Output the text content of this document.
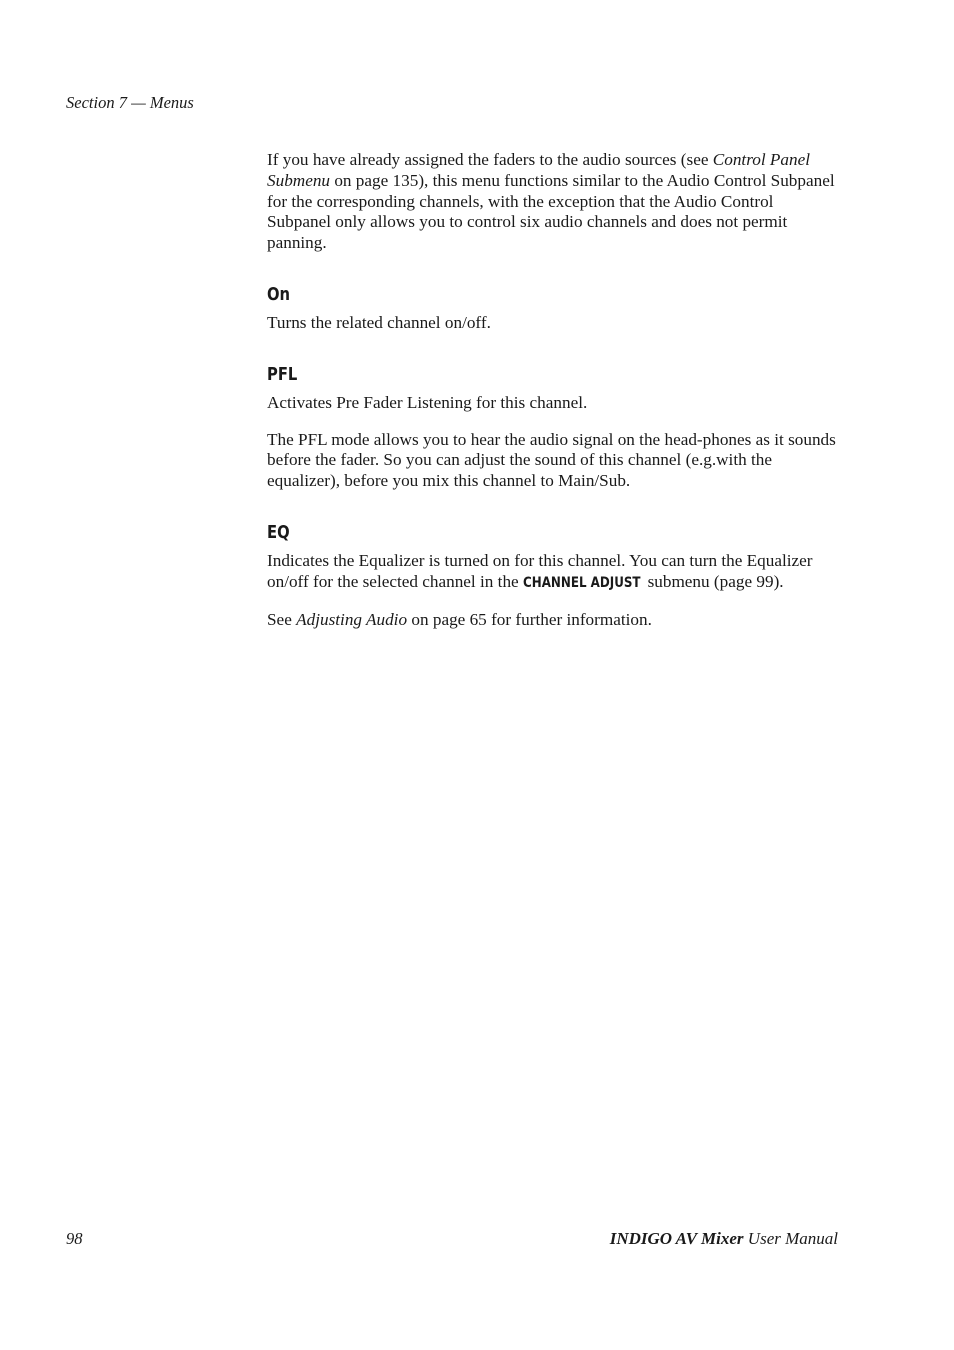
Section 7 — Menus

If you have already assigned the faders to the audio sources (see Control Panel Submenu on page 135), this menu functions similar to the Audio Control Subpanel for the corresponding channels, with the exception that the Audio Control Subpanel only allows you to control six audio channels and does not permit panning.

On

Turns the related channel on/off.

PFL

Activates Pre Fader Listening for this channel.

The PFL mode allows you to hear the audio signal on the head-phones as it sounds before the fader. So you can adjust the sound of this channel (e.g.with the equalizer), before you mix this channel to Main/Sub.

EQ

Indicates the Equalizer is turned on for this channel. You can turn the Equalizer on/off for the selected channel in the CHANNEL ADJUST submenu (page 99).

See Adjusting Audio on page 65 for further information.

98	INDIGO AV Mixer User Manual
